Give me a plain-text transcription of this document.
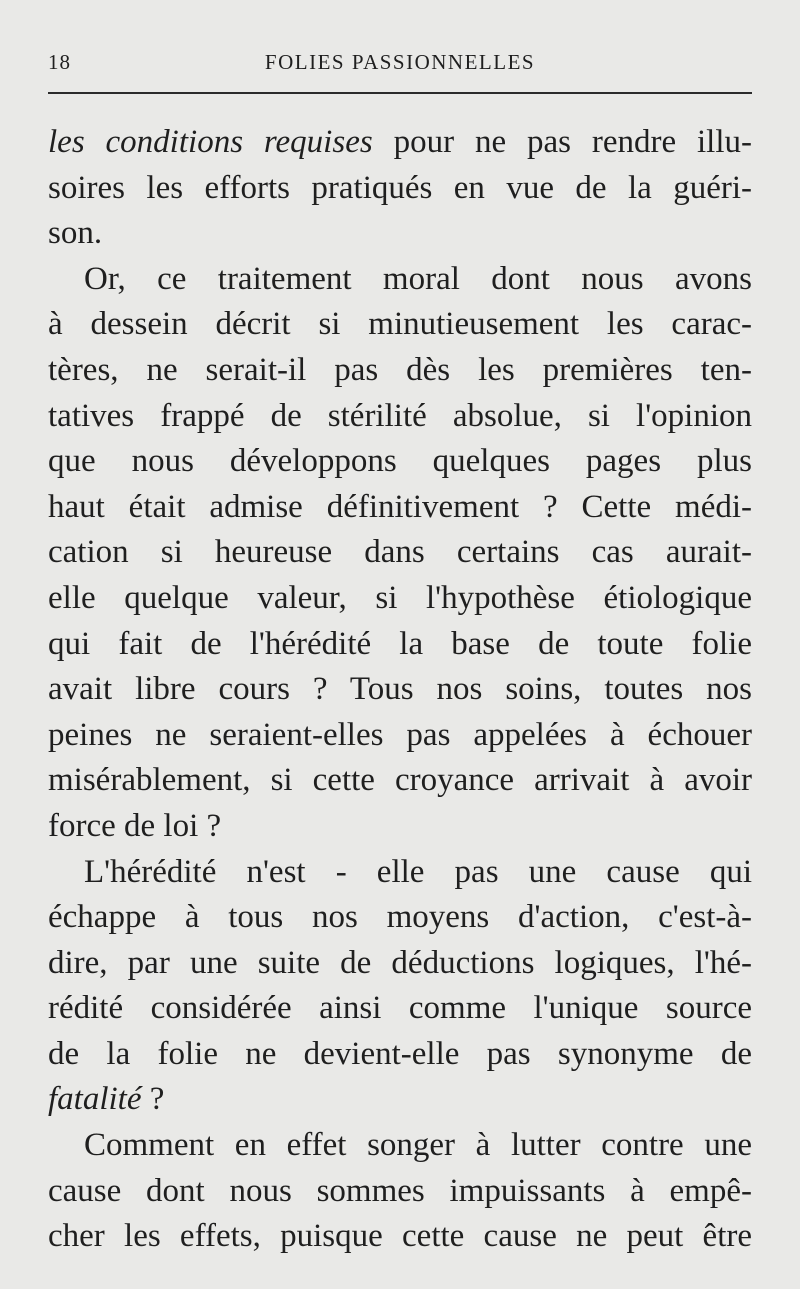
18	FOLIES PASSIONNELLES
les conditions requises pour ne pas rendre illu-
soires les efforts pratiqués en vue de la guéri-
son.
Or, ce traitement moral dont nous avons
à dessein décrit si minutieusement les carac-
tères, ne serait-il pas dès les premières ten-
tatives frappé de stérilité absolue, si l'opinion
que nous développons quelques pages plus
haut était admise définitivement ? Cette médi-
cation si heureuse dans certains cas aurait-
elle quelque valeur, si l'hypothèse étiologique
qui fait de l'hérédité la base de toute folie
avait libre cours ? Tous nos soins, toutes nos
peines ne seraient-elles pas appelées à échouer
misérablement, si cette croyance arrivait à avoir
force de loi ?
L'hérédité n'est - elle pas une cause qui
échappe à tous nos moyens d'action, c'est-à-
dire, par une suite de déductions logiques, l'hé-
rédité considérée ainsi comme l'unique source
de la folie ne devient-elle pas synonyme de
fatalité ?
Comment en effet songer à lutter contre une
cause dont nous sommes impuissants à empê-
cher les effets, puisque cette cause ne peut être
